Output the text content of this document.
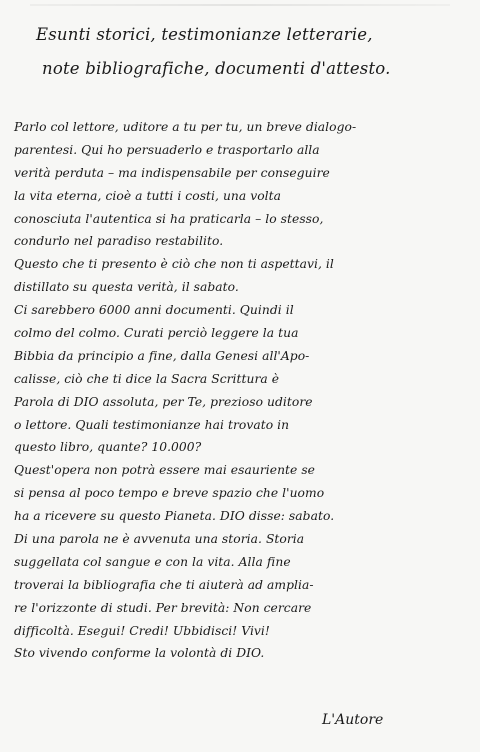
Esunti storici, testimonianze letterarie,
note bibliografiche, documenti d'attesto.
Parlo col lettore, uditore a tu per tu, un breve dialogo-
parentesi. Qui ho persuaderlo e trasportarlo alla
verità perduta – ma indispensabile per conseguire
la vita eterna, cioè a tutti i costi, una volta
conosciuta l'autentica si ha praticarla – lo stesso,
condurlo nel paradiso restabilito.
Questo che ti presento è ciò che non ti aspettavi, il
distillato su questa verità, il sabato.
Ci sarebbero 6000 anni documenti. Quindi il
colmo del colmo. Curati perciò leggere la tua
Bibbia da principio a fine, dalla Genesi all'Apo-
calisse, ciò che ti dice la Sacra Scrittura è
Parola di DIO assoluta, per Te, prezioso uditore
o lettore. Quali testimonianze hai trovato in
questo libro, quante? 10.000?
Quest'opera non potrà essere mai esauriente se
si pensa al poco tempo e breve spazio che l'uomo
ha a ricevere su questo Pianeta. DIO disse: sabato.
Di una parola ne è avvenuta una storia. Storia
suggellata col sangue e con la vita. Alla fine
troverai la bibliografia che ti aiuterà ad amplia-
re l'orizzonte di studi. Per brevità: Non cercare
difficoltà. Esegui! Credi! Ubbidisci! Vivi!
Sto vivendo conforme la volontà di DIO.

L'Autore
